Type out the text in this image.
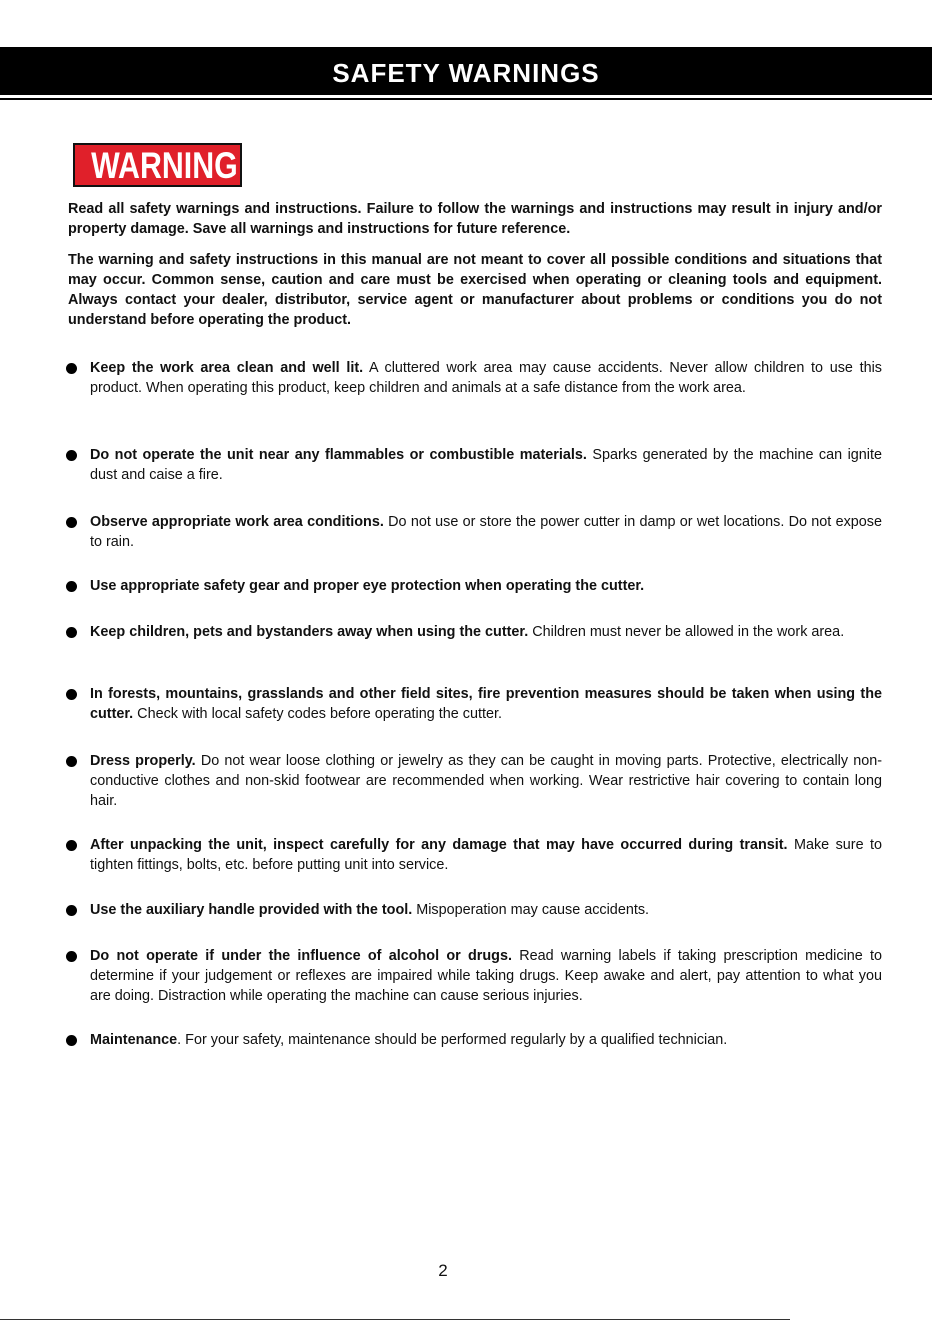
SAFETY WARNINGS
WARNING

Read all safety warnings and instructions. Failure to follow the warnings and instructions may result in injury and/or property damage. Save all warnings and instructions for future reference.

The warning and safety instructions in this manual are not meant to cover all possible conditions and situations that may occur. Common sense, caution and care must be exercised when operating or cleaning tools and equipment. Always contact your dealer, distributor, service agent or manufacturer about problems or conditions you do not understand before operating the product.

Keep the work area clean and well lit. A cluttered work area may cause accidents. Never allow children to use this product. When operating this product, keep children and animals at a safe distance from the work area.

Do not operate the unit near any flammables or combustible materials. Sparks generated by the machine can ignite dust and caise a fire.

Observe appropriate work area conditions. Do not use or store the power cutter in damp or wet locations. Do not expose to rain.

Use appropriate safety gear and proper eye protection when operating the cutter.

Keep children, pets and bystanders away when using the cutter. Children must never be allowed in the work area.

In forests, mountains, grasslands and other field sites, fire prevention measures should be taken when using the cutter. Check with local safety codes before operating the cutter.

Dress properly. Do not wear loose clothing or jewelry as they can be caught in moving parts. Protective, electrically non-conductive clothes and non-skid footwear are recommended when working. Wear restrictive hair covering to contain long hair.

After unpacking the unit, inspect carefully for any damage that may have occurred during transit. Make sure to tighten fittings, bolts, etc. before putting unit into service.

Use the auxiliary handle provided with the tool. Mispoperation may cause accidents.

Do not operate if under the influence of alcohol or drugs. Read warning labels if taking prescription medicine to determine if your judgement or reflexes are impaired while taking drugs. Keep awake and alert, pay attention to what you are doing. Distraction while operating the machine can cause serious injuries.

Maintenance. For your safety, maintenance should be performed regularly by a qualified technician.

2
